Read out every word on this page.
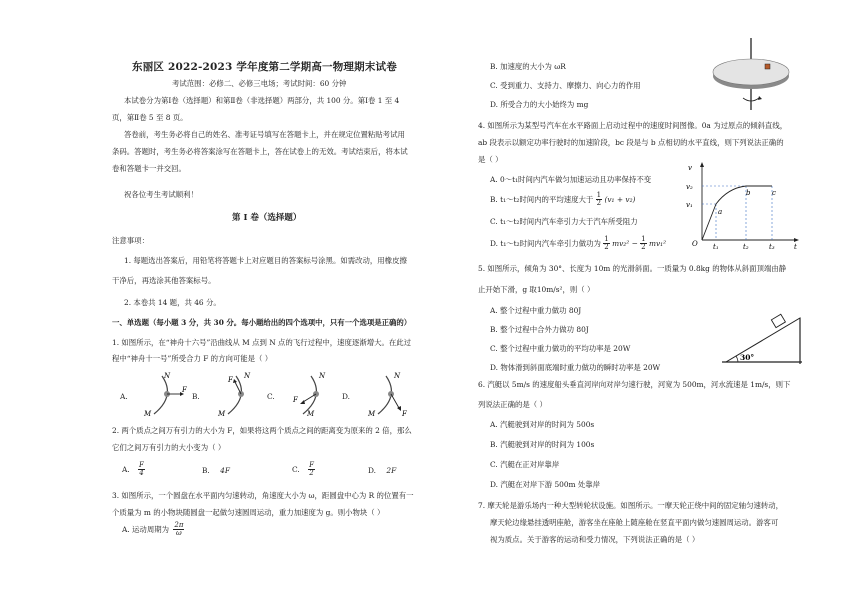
东丽区 2022-2023 学年度第二学期高一物理期末试卷
考试范围：必修二、必修三电场；考试时间：60 分钟
本试卷分为第Ⅰ卷（选择题）和第Ⅱ卷（非选择题）两部分，共 100 分。第Ⅰ卷 1 至 4
页，第Ⅱ卷 5 至 8 页。
答卷前，考生务必将自己的姓名、准考证号填写在答题卡上，并在规定位置粘贴考试用
条码。答题时，考生务必将答案涂写在答题卡上，答在试卷上的无效。考试结束后，将本试
卷和答题卡一并交回。
祝各位考生考试顺利！
第 I 卷（选择题）
注意事项：
1. 每题选出答案后，用铅笔将答题卡上对应题目的答案标号涂黑。如需改动，用橡皮擦
干净后，再选涂其他答案标号。
2. 本卷共 14 题，共 46 分。
一、单选题（每小题 3 分，共 30 分。每小题给出的四个选项中，只有一个选项是正确的）
1. 如图所示，在“神舟十六号”沿曲线从 M 点到 N 点的飞行过程中，速度逐渐增大。在此过
程中“神舟十一号”所受合力 F 的方向可能是（ ）
A.	B.	C.	D.
N
M
F
N
M
F	N
M
F
N
M	F
2. 两个质点之间万有引力的大小为 F，如果将这两个质点之间的距离变为原来的 2 倍，那么
它们之间万有引力的大小变为（ ）
A. $\frac{F}{4}$	B. 4F	C. $\frac{F}{2}$	D. 2F
3. 如图所示，一个圆盘在水平面内匀速转动，角速度大小为 ω，距圆盘中心为 R 的位置有一
个质量为 m 的小物块随圆盘一起做匀速圆周运动，重力加速度为 g。则小物块（ ）
A. 运动周期为 $\frac{2\pi}{\omega}$
B. 加速度的大小为 ωR
C. 受到重力、支持力、摩擦力、向心力的作用
D. 所受合力的大小始终为 mg
4. 如图所示为某型号汽车在水平路面上启动过程中的速度时间图像。0a 为过原点的倾斜直线，
ab 段表示以额定功率行驶时的加速阶段，bc 段是与 b 点相切的水平直线，则下列说法正确的
是（ ）
A. 0～t₁时间内汽车做匀加速运动且功率保持不变
B. t₁～t₂时间内的平均速度大于 $\frac{1}{2} (v_1 + v_2)$
C. t₁～t₂时间内汽车牵引力大于汽车所受阻力
D. t₁～t₂时间内汽车牵引力做功为 $\frac{1}{2} mv_2^2 - \frac{1}{2} mv_1^2$
v₂
v₁
v
O t₁	t₂	t₃	t
a
b	c
5. 如图所示，倾角为 30°、长度为 10m 的光滑斜面。一质量为 0.8kg 的物体从斜面顶端由静
止开始下滑，g 取10m/s²，则（ ）
A. 整个过程中重力做功 80J
B. 整个过程中合外力做功 80J
C. 整个过程中重力做功的平均功率是 20W
D. 物体滑到斜面底端时重力做功的瞬时功率是 20W
30°
6. 汽艇以 5m/s 的速度船头垂直河岸向对岸匀速行驶，河宽为 500m，河水流速是 1m/s，则下
列说法正确的是（ ）
A. 汽艇驶到对岸的时间为 500s
B. 汽艇驶到对岸的时间为 100s
C. 汽艇在正对岸靠岸
D. 汽艇在对岸下游 500m 处靠岸
7. 摩天轮是游乐场内一种大型转轮状设施。如图所示。一摩天轮正绕中间的固定轴匀速转动，
摩天轮边缘悬挂透明座舱，游客坐在座舱上随座舱在竖直平面内做匀速圆周运动。游客可
视为质点。关于游客的运动和受力情况，下列说法正确的是（ ）
